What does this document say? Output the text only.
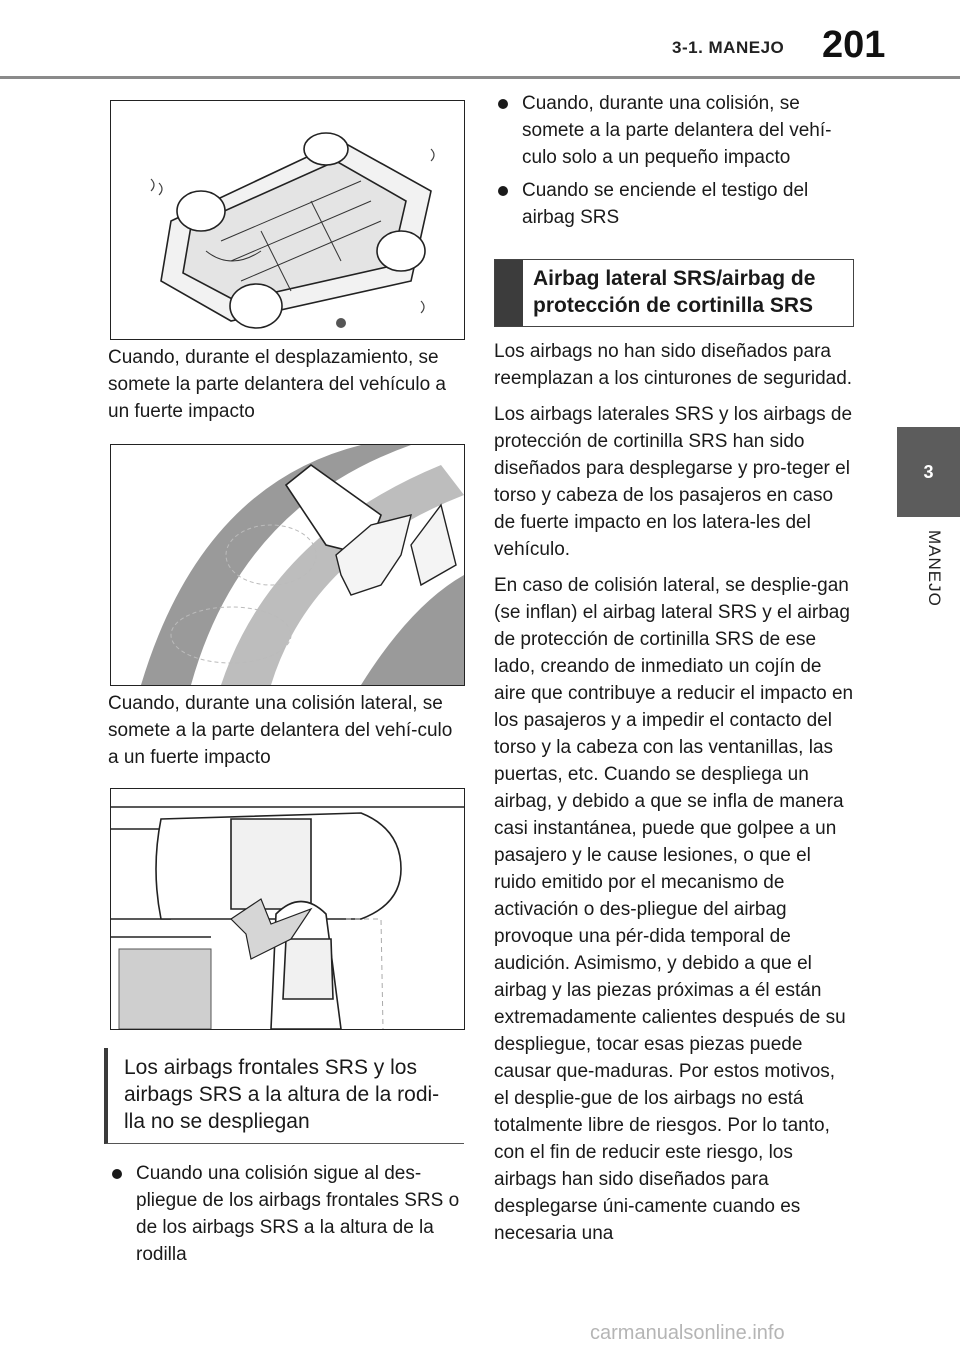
3-1. MANEJO 201
3
MANEJO

Cuando, durante el desplazamiento, se somete la parte delantera del vehículo a un fuerte impacto

Cuando, durante una colisión lateral, se somete a la parte delantera del vehí-culo a un fuerte impacto

Los airbags frontales SRS y los airbags SRS a la altura de la rodi-lla no se despliegan
Cuando una colisión sigue al des-pliegue de los airbags frontales SRS o de los airbags SRS a la altura de la rodilla
Cuando, durante una colisión, se somete a la parte delantera del vehí-culo solo a un pequeño impacto
Cuando se enciende el testigo del airbag SRS
Airbag lateral SRS/airbag de protección de cortinilla SRS

Los airbags no han sido diseñados para reemplazan a los cinturones de seguridad.

Los airbags laterales SRS y los airbags de protección de cortinilla SRS han sido diseñados para desplegarse y pro-teger el torso y cabeza de los pasajeros en caso de fuerte impacto en los latera-les del vehículo.

En caso de colisión lateral, se desplie-gan (se inflan) el airbag lateral SRS y el airbag de protección de cortinilla SRS de ese lado, creando de inmediato un cojín de aire que contribuye a reducir el impacto en los pasajeros y a impedir el contacto del torso y la cabeza con las ventanillas, las puertas, etc. Cuando se despliega un airbag, y debido a que se infla de manera casi instantánea, puede que golpee a un pasajero y le cause lesiones, o que el ruido emitido por el mecanismo de activación o des-pliegue del airbag provoque una pér-dida temporal de audición. Asimismo, y debido a que el airbag y las piezas próximas a él están extremadamente calientes después de su despliegue, tocar esas piezas puede causar que-maduras. Por estos motivos, el desplie-gue de los airbags no está totalmente libre de riesgos. Por lo tanto, con el fin de reducir este riesgo, los airbags han sido diseñados para desplegarse úni-camente cuando es necesaria una

carmanualsonline.info
